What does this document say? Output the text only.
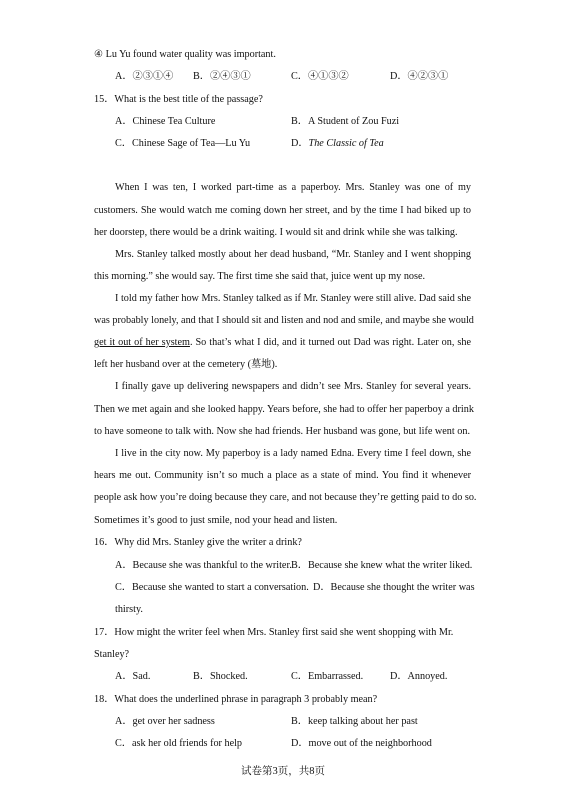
④ Lu Yu found water quality was important.
A．②③①④ B．②④③①	C．④①③②	D．④②③①
15．What is the best title of the passage?
A．Chinese Tea Culture	B．A Student of Zou Fuzi
C．Chinese Sage of Tea—Lu Yu	D．The Classic of Tea
When I was ten, I worked part-time as a paperboy. Mrs. Stanley was one of my
customers. She would watch me coming down her street, and by the time I had biked up to
her doorstep, there would be a drink waiting. I would sit and drink while she was talking.
Mrs. Stanley talked mostly about her dead husband, “Mr. Stanley and I went shopping
this morning.” she would say. The first time she said that, juice went up my nose.
I told my father how Mrs. Stanley talked as if Mr. Stanley were still alive. Dad said she
was probably lonely, and that I should sit and listen and nod and smile, and maybe she would
get it out of her system. So that’s what I did, and it turned out Dad was right. Later on, she
left her husband over at the cemetery (墓地).
I finally gave up delivering newspapers and didn’t see Mrs. Stanley for several years.
Then we met again and she looked happy. Years before, she had to offer her paperboy a drink
to have someone to talk with. Now she had friends. Her husband was gone, but life went on.
I live in the city now. My paperboy is a lady named Edna. Every time I feel down, she
hears me out. Community isn’t so much a place as a state of mind. You find it whenever
people ask how you’re doing because they care, and not because they’re getting paid to do so.
Sometimes it’s good to just smile, nod your head and listen.
16．Why did Mrs. Stanley give the writer a drink?
A．Because she was thankful to the writer. B．Because she knew what the writer liked.
C．Because she wanted to start a conversation. D．Because she thought the writer was
thirsty.
17．How might the writer feel when Mrs. Stanley first said she went shopping with Mr.
Stanley?
A．Sad.	B．Shocked.	C．Embarrassed.	D．Annoyed.
18．What does the underlined phrase in paragraph 3 probably mean?
A．get over her sadness	B．keep talking about her past
C．ask her old friends for help	D．move out of the neighborhood
试卷第3页，共8页
